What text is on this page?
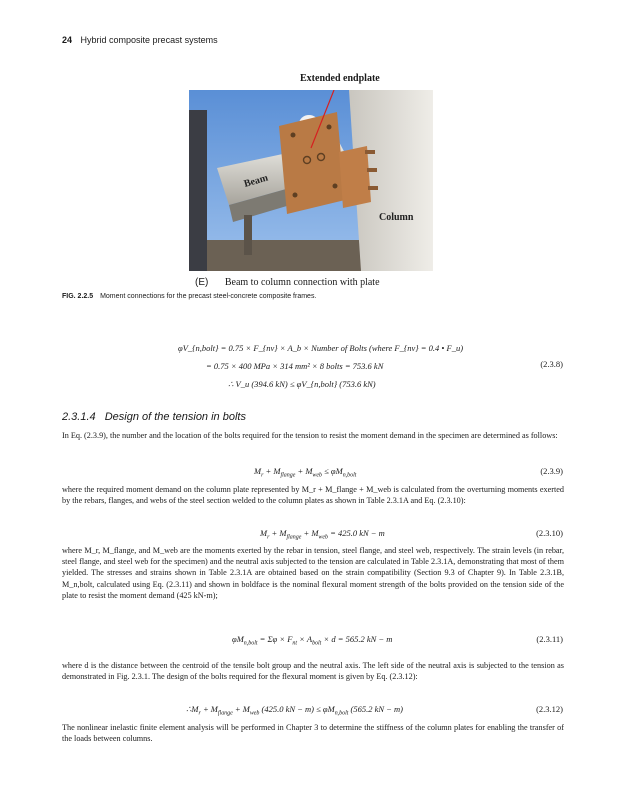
24 Hybrid composite precast systems
Extended endplate
Beam
Column
(E) Beam to column connection with plate
FIG. 2.2.5 Moment connections for the precast steel-concrete composite frames.
φV_{n,bolt} = 0.75 × F_{nv} × A_b × Number of Bolts (where F_{nv} = 0.4 • F_u)
= 0.75 × 400 MPa × 314 mm² × 8 bolts = 753.6 kN
∴ V_u (394.6 kN) ≤ φV_{n,bolt} (753.6 kN)
(2.3.8)
2.3.1.4 Design of the tension in bolts
In Eq. (2.3.9), the number and the location of the bolts required for the tension to resist the moment demand in the specimen are determined as follows:
$M_r + M_{flange} + M_{web} \le \varphi M_{n,bolt}$	(2.3.9)
where the required moment demand on the column plate represented by M_r + M_flange + M_web is calculated from the overturning moments exerted by the rebars, flanges, and webs of the steel section welded to the column plates as shown in Table 2.3.1A and Eq. (2.3.10):
$M_r + M_{flange} + M_{web} = 425.0$ kN − m	(2.3.10)
where M_r, M_flange, and M_web are the moments exerted by the rebar in tension, steel flange, and steel web, respectively. The strain levels (in rebar, steel flange, and steel web for the specimen) and the neutral axis subjected to the tension are calculated in Table 2.3.1A, demonstrating that most of them yielded. The stresses and strains shown in Table 2.3.1A are obtained based on the strain compatibility (Section 9.3 of Chapter 9). In Table 2.3.1B, M_n,bolt, calculated using Eq. (2.3.11) and shown in boldface is the nominal flexural moment strength of the bolts provided on the tension side of the plate to resist the moment demand (425 kN-m);
$\varphi M_{n,bolt} = \Sigma\varphi \times F_{nt} \times A_{bolt} \times d = 565.2$ kN − m	(2.3.11)
where d is the distance between the centroid of the tensile bolt group and the neutral axis. The left side of the neutral axis is subjected to the tension as demonstrated in Fig. 2.3.1. The design of the bolts required for the flexural moment is given by Eq. (2.3.12):
$\therefore M_r + M_{flange} + M_{web}$ (425.0 kN − $m) \le \varphi M_{n,bolt}$ (565.2 kN − m)	(2.3.12)
The nonlinear inelastic finite element analysis will be performed in Chapter 3 to determine the stiffness of the column plates for enabling the transfer of the loads between columns.
